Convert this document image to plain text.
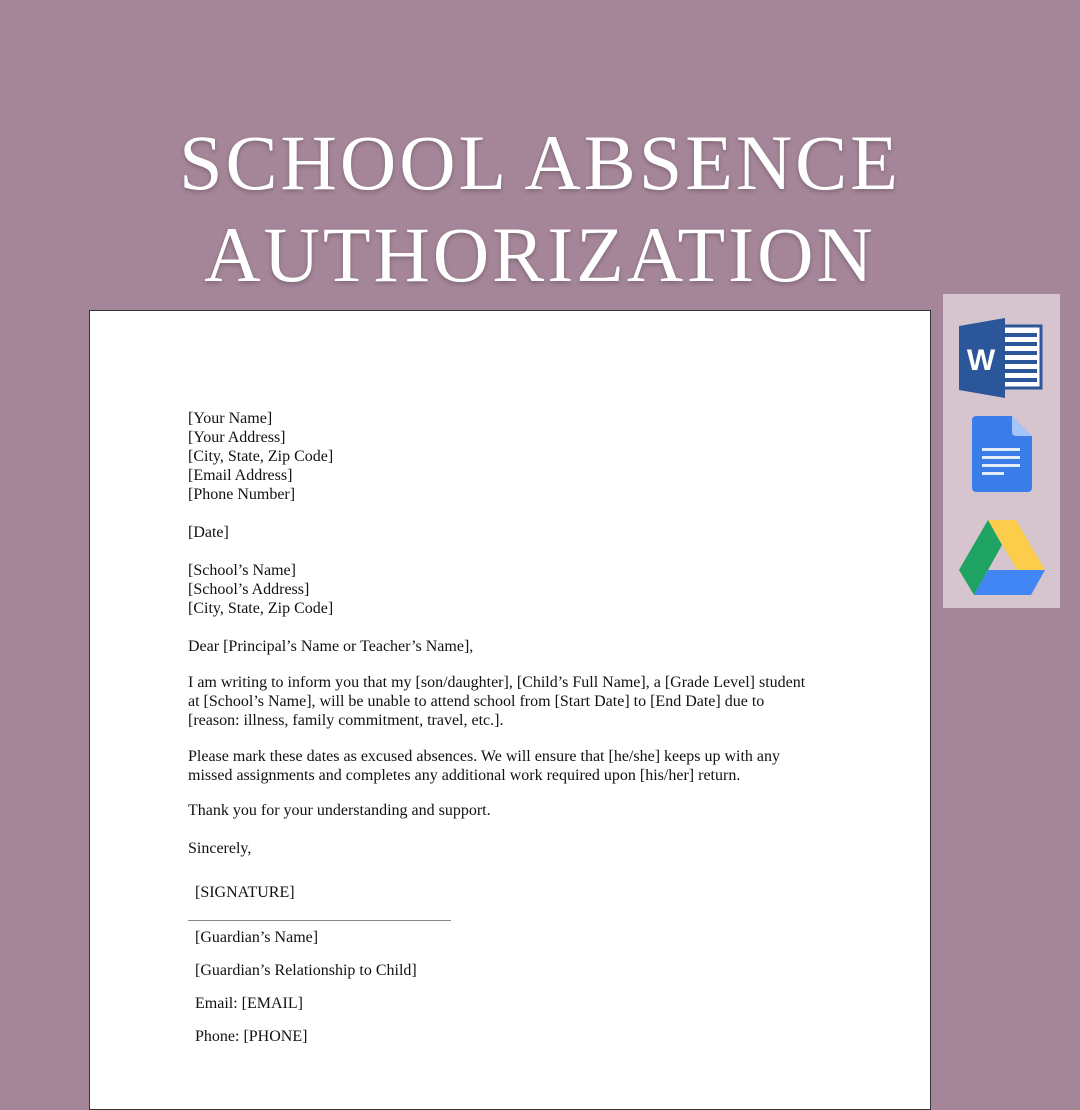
SCHOOL ABSENCE
AUTHORIZATION
[Your Name]
[Your Address]
[City, State, Zip Code]
[Email Address]
[Phone Number]
[Date]
[School’s Name]
[School’s Address]
[City, State, Zip Code]
Dear [Principal’s Name or Teacher’s Name],
I am writing to inform you that my [son/daughter], [Child’s Full Name], a [Grade Level] student
at [School’s Name], will be unable to attend school from [Start Date] to [End Date] due to
[reason: illness, family commitment, travel, etc.].
Please mark these dates as excused absences. We will ensure that [he/she] keeps up with any
missed assignments and completes any additional work required upon [his/her] return.
Thank you for your understanding and support.
Sincerely,
[SIGNATURE]
[Guardian’s Name]
[Guardian’s Relationship to Child]
Email: [EMAIL]
Phone: [PHONE]
W
